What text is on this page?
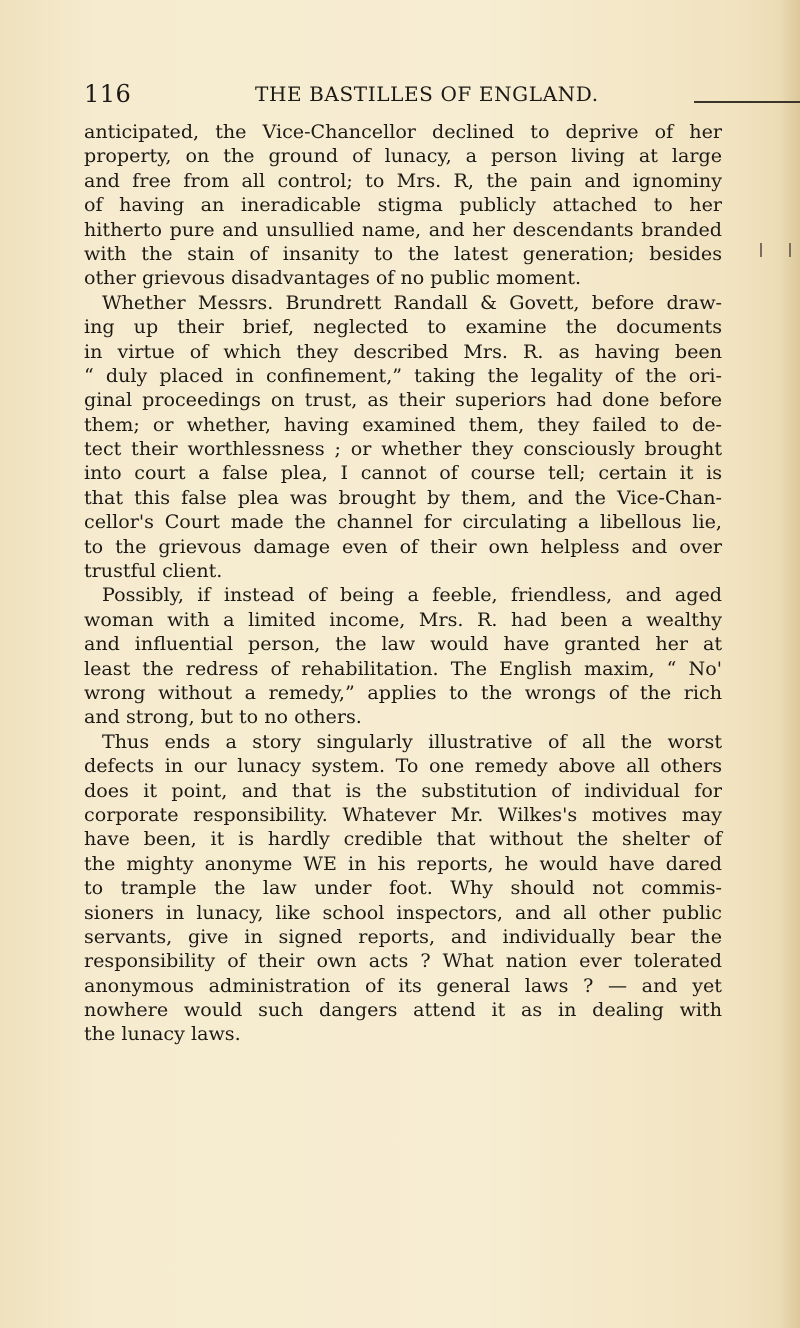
116	THE BASTILLES OF ENGLAND.
anticipated, the Vice-Chancellor declined to deprive of her
property, on the ground of lunacy, a person living at large
and free from all control; to Mrs. R, the pain and ignominy
of having an ineradicable stigma publicly attached to her
hitherto pure and unsullied name, and her descendants branded
with the stain of insanity to the latest generation; besides
other grievous disadvantages of no public moment.
Whether Messrs. Brundrett Randall & Govett, before draw-
ing up their brief, neglected to examine the documents
in virtue of which they described Mrs. R. as having been
“ duly placed in confinement,” taking the legality of the ori-
ginal proceedings on trust, as their superiors had done before
them; or whether, having examined them, they failed to de-
tect their worthlessness ; or whether they consciously brought
into court a false plea, I cannot of course tell; certain it is
that this false plea was brought by them, and the Vice-Chan-
cellor's Court made the channel for circulating a libellous lie,
to the grievous damage even of their own helpless and over
trustful client.
Possibly, if instead of being a feeble, friendless, and aged
woman with a limited income, Mrs. R. had been a wealthy
and influential person, the law would have granted her at
least the redress of rehabilitation. The English maxim, “ No'
wrong without a remedy,” applies to the wrongs of the rich
and strong, but to no others.
Thus ends a story singularly illustrative of all the worst
defects in our lunacy system. To one remedy above all others
does it point, and that is the substitution of individual for
corporate responsibility. Whatever Mr. Wilkes's motives may
have been, it is hardly credible that without the shelter of
the mighty anonyme WE in his reports, he would have dared
to trample the law under foot. Why should not commis-
sioners in lunacy, like school inspectors, and all other public
servants, give in signed reports, and individually bear the
responsibility of their own acts ? What nation ever tolerated
anonymous administration of its general laws ? — and yet
nowhere would such dangers attend it as in dealing with
the lunacy laws.
